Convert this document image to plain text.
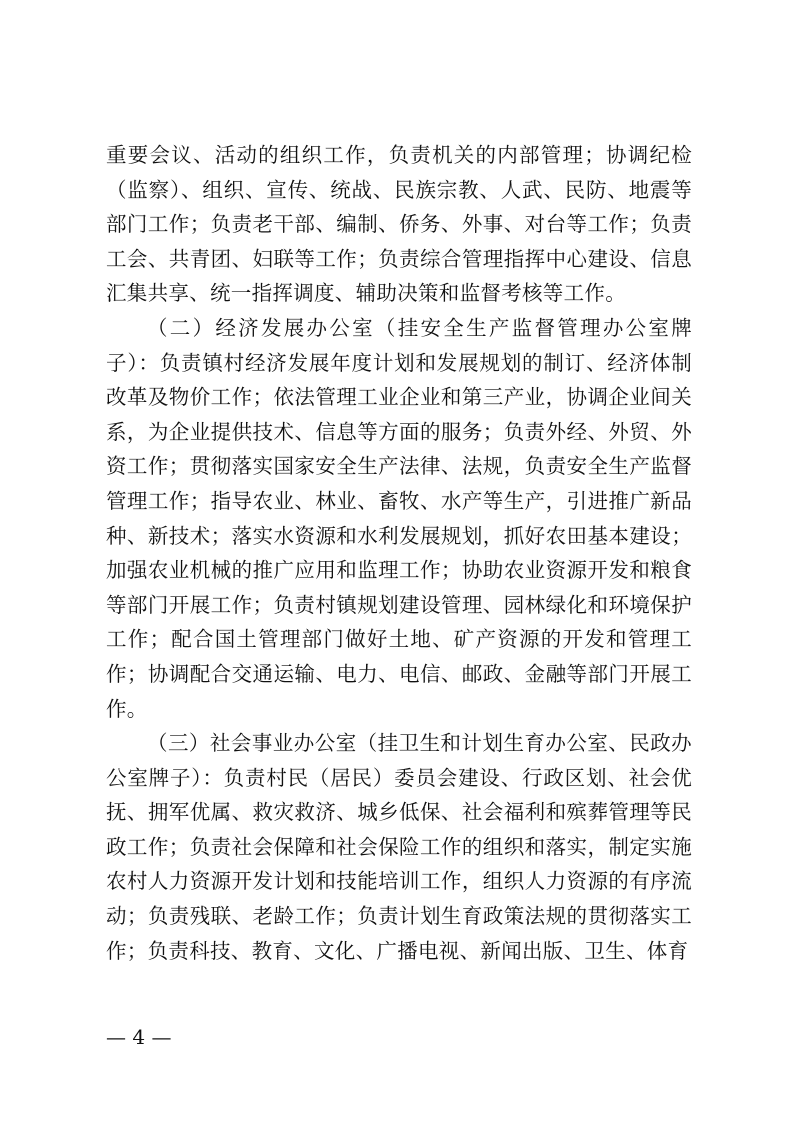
重要会议、活动的组织工作，负责机关的内部管理；协调纪检（监察）、组织、宣传、统战、民族宗教、人武、民防、地震等部门工作；负责老干部、编制、侨务、外事、对台等工作；负责工会、共青团、妇联等工作；负责综合管理指挥中心建设、信息汇集共享、统一指挥调度、辅助决策和监督考核等工作。

（二）经济发展办公室（挂安全生产监督管理办公室牌子）：负责镇村经济发展年度计划和发展规划的制订、经济体制改革及物价工作；依法管理工业企业和第三产业，协调企业间关系，为企业提供技术、信息等方面的服务；负责外经、外贸、外资工作；贯彻落实国家安全生产法律、法规，负责安全生产监督管理工作；指导农业、林业、畜牧、水产等生产，引进推广新品种、新技术；落实水资源和水利发展规划，抓好农田基本建设；加强农业机械的推广应用和监理工作；协助农业资源开发和粮食等部门开展工作；负责村镇规划建设管理、园林绿化和环境保护工作；配合国土管理部门做好土地、矿产资源的开发和管理工作；协调配合交通运输、电力、电信、邮政、金融等部门开展工作。

（三）社会事业办公室（挂卫生和计划生育办公室、民政办公室牌子）：负责村民（居民）委员会建设、行政区划、社会优抚、拥军优属、救灾救济、城乡低保、社会福利和殡葬管理等民政工作；负责社会保障和社会保险工作的组织和落实，制定实施农村人力资源开发计划和技能培训工作，组织人力资源的有序流动；负责残联、老龄工作；负责计划生育政策法规的贯彻落实工作；负责科技、教育、文化、广播电视、新闻出版、卫生、体育

— 4 —
